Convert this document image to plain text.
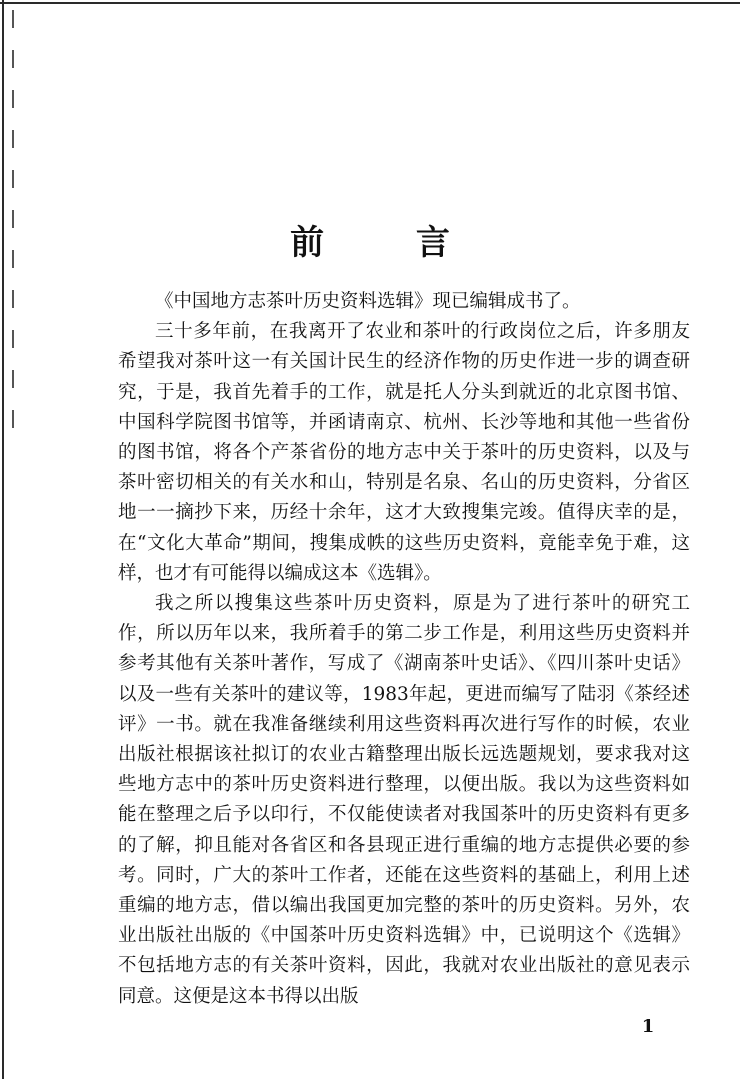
前 言

《中国地方志茶叶历史资料选辑》现已编辑成书了。

三十多年前，在我离开了农业和茶叶的行政岗位之后，许多朋友希望我对茶叶这一有关国计民生的经济作物的历史作进一步的调查研究，于是，我首先着手的工作，就是托人分头到就近的北京图书馆、中国科学院图书馆等，并函请南京、杭州、长沙等地和其他一些省份的图书馆，将各个产茶省份的地方志中关于茶叶的历史资料，以及与茶叶密切相关的有关水和山，特别是名泉、名山的历史资料，分省区地一一摘抄下来，历经十余年，这才大致搜集完竣。值得庆幸的是，在“文化大革命”期间，搜集成帙的这些历史资料，竟能幸免于难，这样，也才有可能得以编成这本《选辑》。

我之所以搜集这些茶叶历史资料，原是为了进行茶叶的研究工作，所以历年以来，我所着手的第二步工作是，利用这些历史资料并参考其他有关茶叶著作，写成了《湖南茶叶史话》、《四川茶叶史话》以及一些有关茶叶的建议等，1983年起，更进而编写了陆羽《茶经述评》一书。就在我准备继续利用这些资料再次进行写作的时候，农业出版社根据该社拟订的农业古籍整理出版长远选题规划，要求我对这些地方志中的茶叶历史资料进行整理，以便出版。我以为这些资料如能在整理之后予以印行，不仅能使读者对我国茶叶的历史资料有更多的了解，抑且能对各省区和各县现正进行重编的地方志提供必要的参考。同时，广大的茶叶工作者，还能在这些资料的基础上，利用上述重编的地方志，借以编出我国更加完整的茶叶的历史资料。另外，农业出版社出版的《中国茶叶历史资料选辑》中，已说明这个《选辑》不包括地方志的有关茶叶资料，因此，我就对农业出版社的意见表示同意。这便是这本书得以出版

1
